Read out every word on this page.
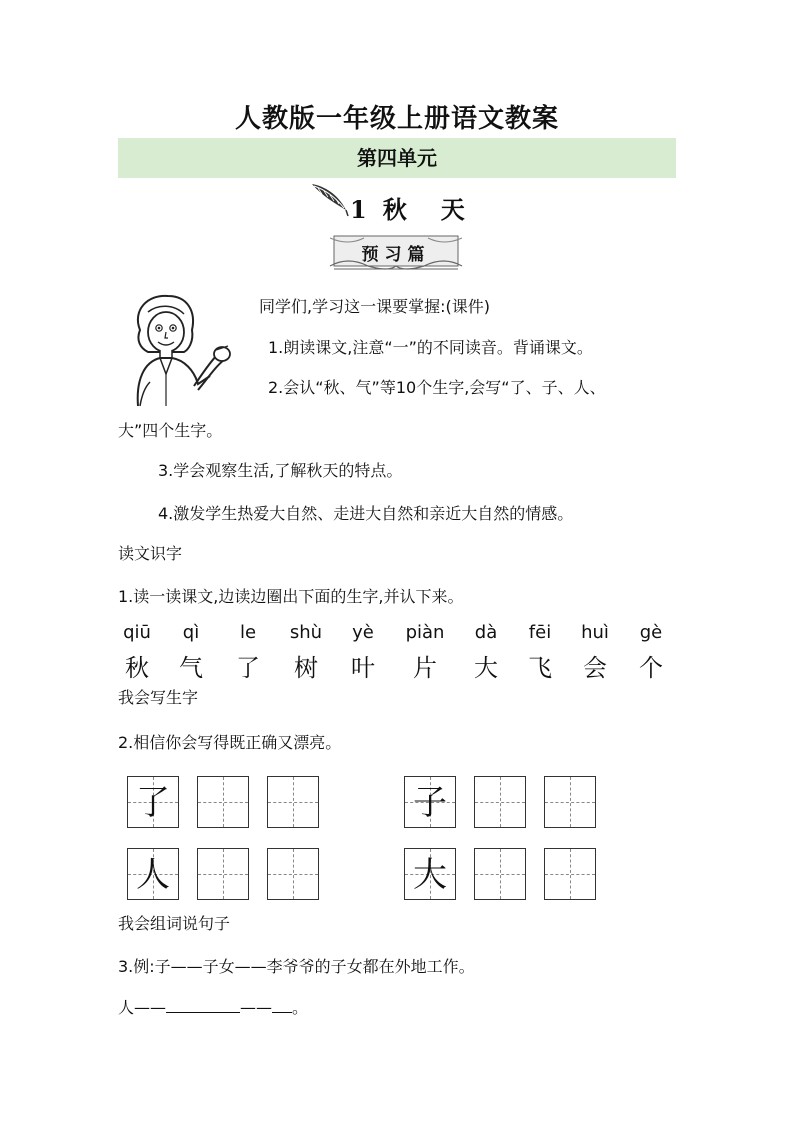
人教版一年级上册语文教案
第四单元
1 秋 天
预习篇
同学们,学习这一课要掌握:(课件)
1.朗读课文,注意“一”的不同读音。背诵课文。
2.会认“秋、气”等10个生字,会写“了、子、人、
大”四个生字。
3.学会观察生活,了解秋天的特点。
4.激发学生热爱大自然、走进大自然和亲近大自然的情感。
读文识字
1.读一读课文,边读边圈出下面的生字,并认下来。
qiū	qì	le	shù	yè	piàn	dà	fēi	huì	gè
秋	气	了	树	叶	片	大	飞	会	个
我会写生字
2.相信你会写得既正确又漂亮。
了	子
人	大
我会组词说句子
3.例:子——子女——李爷爷的子女都在外地工作。
人——	—— 。
